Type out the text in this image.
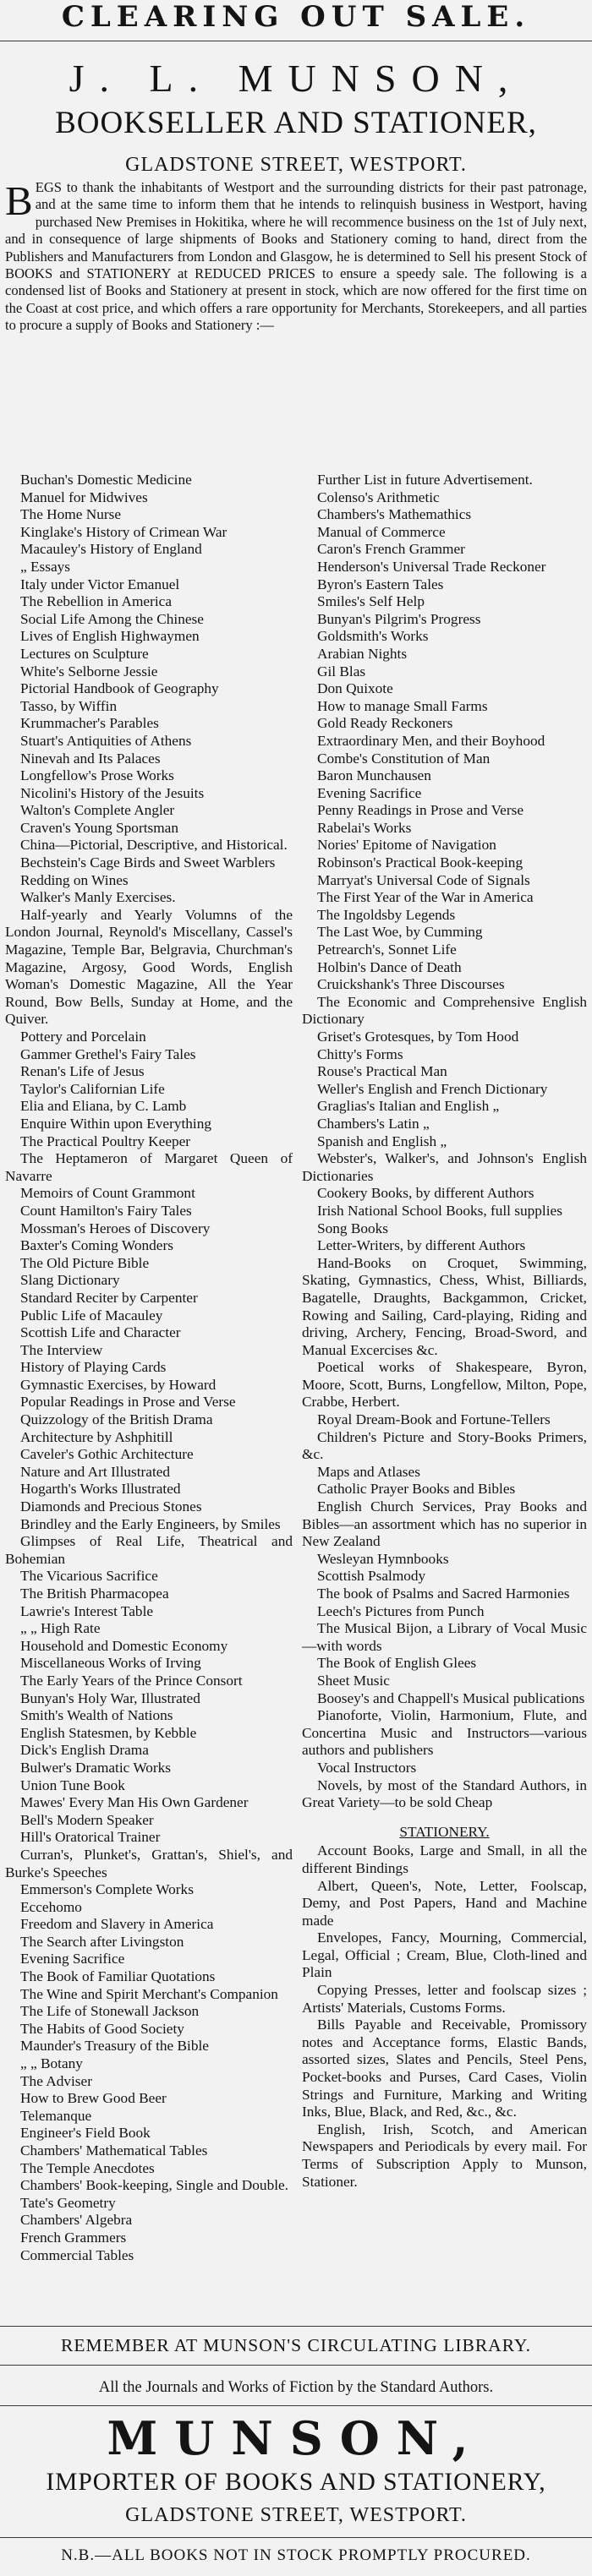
CLEARING OUT SALE.
J. L. MUNSON,
BOOKSELLER AND STATIONER,
GLADSTONE STREET, WESTPORT.
BEGS to thank the inhabitants of Westport and the surrounding districts for their past patronage, and at the same time to inform them that he intends to relinquish business in Westport, having purchased New Premises in Hokitika, where he will recommence business on the 1st of July next, and in consequence of large shipments of Books and Stationery coming to hand, direct from the Publishers and Manufacturers from London and Glasgow, he is determined to Sell his present Stock of BOOKS and STATIONERY at REDUCED PRICES to ensure a speedy sale. The following is a condensed list of Books and Stationery at present in stock, which are now offered for the first time on the Coast at cost price, and which offers a rare opportunity for Merchants, Storekeepers, and all parties to procure a supply of Books and Stationery :—
Buchan's Domestic Medicine
Manuel for Midwives
The Home Nurse
Kinglake's History of Crimean War
Macauley's History of England
„ Essays
Italy under Victor Emanuel
The Rebellion in America
Social Life Among the Chinese
Lives of English Highwaymen
Lectures on Sculpture
White's Selborne Jessie
Pictorial Handbook of Geography
Tasso, by Wiffin
Krummacher's Parables
Stuart's Antiquities of Athens
Ninevah and Its Palaces
Longfellow's Prose Works
Nicolini's History of the Jesuits
Walton's Complete Angler
Craven's Young Sportsman
China—Pictorial, Descriptive, and Historical.
Bechstein's Cage Birds and Sweet Warblers
Redding on Wines
Walker's Manly Exercises.
Half-yearly and Yearly Volumns of the London Journal, Reynold's Miscellany, Cassel's Magazine, Temple Bar, Belgravia, Churchman's Magazine, Argosy, Good Words, English Woman's Domestic Magazine, All the Year Round, Bow Bells, Sunday at Home, and the Quiver.
Pottery and Porcelain
Gammer Grethel's Fairy Tales
Renan's Life of Jesus
Taylor's Californian Life
Elia and Eliana, by C. Lamb
Enquire Within upon Everything
The Practical Poultry Keeper
The Heptameron of Margaret Queen of Navarre
Memoirs of Count Grammont
Count Hamilton's Fairy Tales
Mossman's Heroes of Discovery
Baxter's Coming Wonders
The Old Picture Bible
Slang Dictionary
Standard Reciter by Carpenter
Public Life of Macauley
Scottish Life and Character
The Interview
History of Playing Cards
Gymnastic Exercises, by Howard
Popular Readings in Prose and Verse
Quizzology of the British Drama
Architecture by Ashphitill
Caveler's Gothic Architecture
Nature and Art Illustrated
Hogarth's Works Illustrated
Diamonds and Precious Stones
Brindley and the Early Engineers, by Smiles
Glimpses of Real Life, Theatrical and Bohemian
The Vicarious Sacrifice
The British Pharmacopea
Lawrie's Interest Table
„ „ High Rate
Household and Domestic Economy
Miscellaneous Works of Irving
The Early Years of the Prince Consort
Bunyan's Holy War, Illustrated
Smith's Wealth of Nations
English Statesmen, by Kebble
Dick's English Drama
Bulwer's Dramatic Works
Union Tune Book
Mawes' Every Man His Own Gardener
Bell's Modern Speaker
Hill's Oratorical Trainer
Curran's, Plunket's, Grattan's, Shiel's, and Burke's Speeches
Emmerson's Complete Works
Eccehomo
Freedom and Slavery in America
The Search after Livingston
Evening Sacrifice
The Book of Familiar Quotations
The Wine and Spirit Merchant's Companion
The Life of Stonewall Jackson
The Habits of Good Society
Maunder's Treasury of the Bible
„ „ Botany
The Adviser
How to Brew Good Beer
Telemanque
Engineer's Field Book
Chambers' Mathematical Tables
The Temple Anecdotes
Chambers' Book-keeping, Single and Double.
Tate's Geometry
Chambers' Algebra
French Grammers
Commercial Tables
Further List in future Advertisement.
Colenso's Arithmetic
Chambers's Mathemathics
Manual of Commerce
Caron's French Grammer
Henderson's Universal Trade Reckoner
Byron's Eastern Tales
Smiles's Self Help
Bunyan's Pilgrim's Progress
Goldsmith's Works
Arabian Nights
Gil Blas
Don Quixote
How to manage Small Farms
Gold Ready Reckoners
Extraordinary Men, and their Boyhood
Combe's Constitution of Man
Baron Munchausen
Evening Sacrifice
Penny Readings in Prose and Verse
Rabelai's Works
Nories' Epitome of Navigation
Robinson's Practical Book-keeping
Marryat's Universal Code of Signals
The First Year of the War in America
The Ingoldsby Legends
The Last Woe, by Cumming
Petrearch's, Sonnet Life
Holbin's Dance of Death
Cruickshank's Three Discourses
The Economic and Comprehensive English Dictionary
Griset's Grotesques, by Tom Hood
Chitty's Forms
Rouse's Practical Man
Weller's English and French Dictionary
Graglias's Italian and English „
Chambers's Latin „
Spanish and English „
Webster's, Walker's, and Johnson's English Dictionaries
Cookery Books, by different Authors
Irish National School Books, full supplies
Song Books
Letter-Writers, by different Authors
Hand-Books on Croquet, Swimming, Skating, Gymnastics, Chess, Whist, Billiards, Bagatelle, Draughts, Backgammon, Cricket, Rowing and Sailing, Card-playing, Riding and driving, Archery, Fencing, Broad-Sword, and Manual Excercises &c.
Poetical works of Shakespeare, Byron, Moore, Scott, Burns, Longfellow, Milton, Pope, Crabbe, Herbert.
Royal Dream-Book and Fortune-Tellers
Children's Picture and Story-Books Primers, &c.
Maps and Atlases
Catholic Prayer Books and Bibles
English Church Services, Pray Books and Bibles—an assortment which has no superior in New Zealand
Wesleyan Hymnbooks
Scottish Psalmody
The book of Psalms and Sacred Harmonies
Leech's Pictures from Punch
The Musical Bijon, a Library of Vocal Music—with words
The Book of English Glees
Sheet Music
Boosey's and Chappell's Musical publications
Pianoforte, Violin, Harmonium, Flute, and Concertina Music and Instructors—various authors and publishers
Vocal Instructors
Novels, by most of the Standard Authors, in Great Variety—to be sold Cheap
STATIONERY.
Account Books, Large and Small, in all the different Bindings
Albert, Queen's, Note, Letter, Foolscap, Demy, and Post Papers, Hand and Machine made
Envelopes, Fancy, Mourning, Commercial, Legal, Official ; Cream, Blue, Cloth-lined and Plain
Copying Presses, letter and foolscap sizes ; Artists' Materials, Customs Forms.
Bills Payable and Receivable, Promissory notes and Acceptance forms, Elastic Bands, assorted sizes, Slates and Pencils, Steel Pens, Pocket-books and Purses, Card Cases, Violin Strings and Furniture, Marking and Writing Inks, Blue, Black, and Red, &c., &c.
English, Irish, Scotch, and American Newspapers and Periodicals by every mail. For Terms of Subscription Apply to Munson, Stationer.
REMEMBER AT MUNSON'S CIRCULATING LIBRARY.
All the Journals and Works of Fiction by the Standard Authors.
MUNSON,
IMPORTER OF BOOKS AND STATIONERY,
GLADSTONE STREET, WESTPORT.
N.B.—ALL BOOKS NOT IN STOCK PROMPTLY PROCURED.
